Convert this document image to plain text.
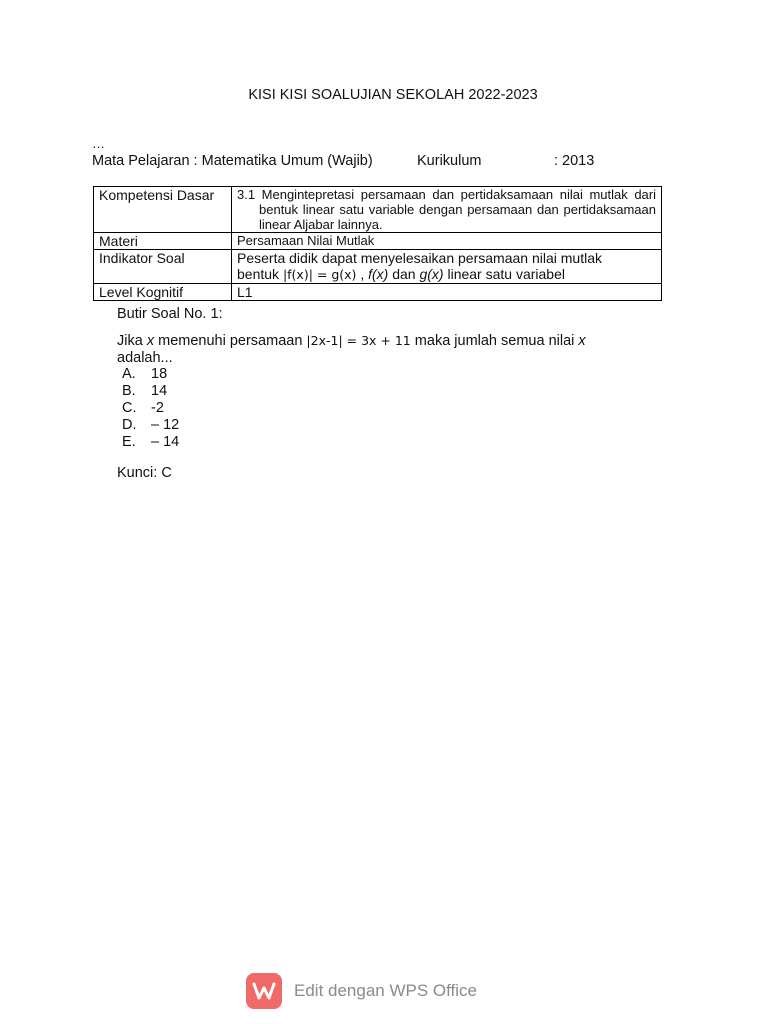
KISI KISI SOALUJIAN SEKOLAH 2022-2023
…
Mata Pelajaran : Matematika Umum (Wajib)	Kurikulum	: 2013
Kompetensi Dasar	3.1 Mengintepretasi persamaan dan pertidaksamaan nilai mutlak dari bentuk linear satu variable dengan persamaan dan pertidaksamaan linear Aljabar lainnya.

Materi	Persamaan Nilai Mutlak
Indikator Soal	Peserta didik dapat menyelesaikan persamaan nilai mutlak
bentuk |f(x)| = g(x) , f(x) dan g(x) linear satu variabel

Level Kognitif	L1
Butir Soal No. 1:
Jika x memenuhi persamaan |2x-1| = 3x + 11 maka jumlah semua nilai x
adalah...
A.	18
B.	14
C.	-2
D.	– 12
E.	– 14
Kunci: C
Edit dengan WPS Office
